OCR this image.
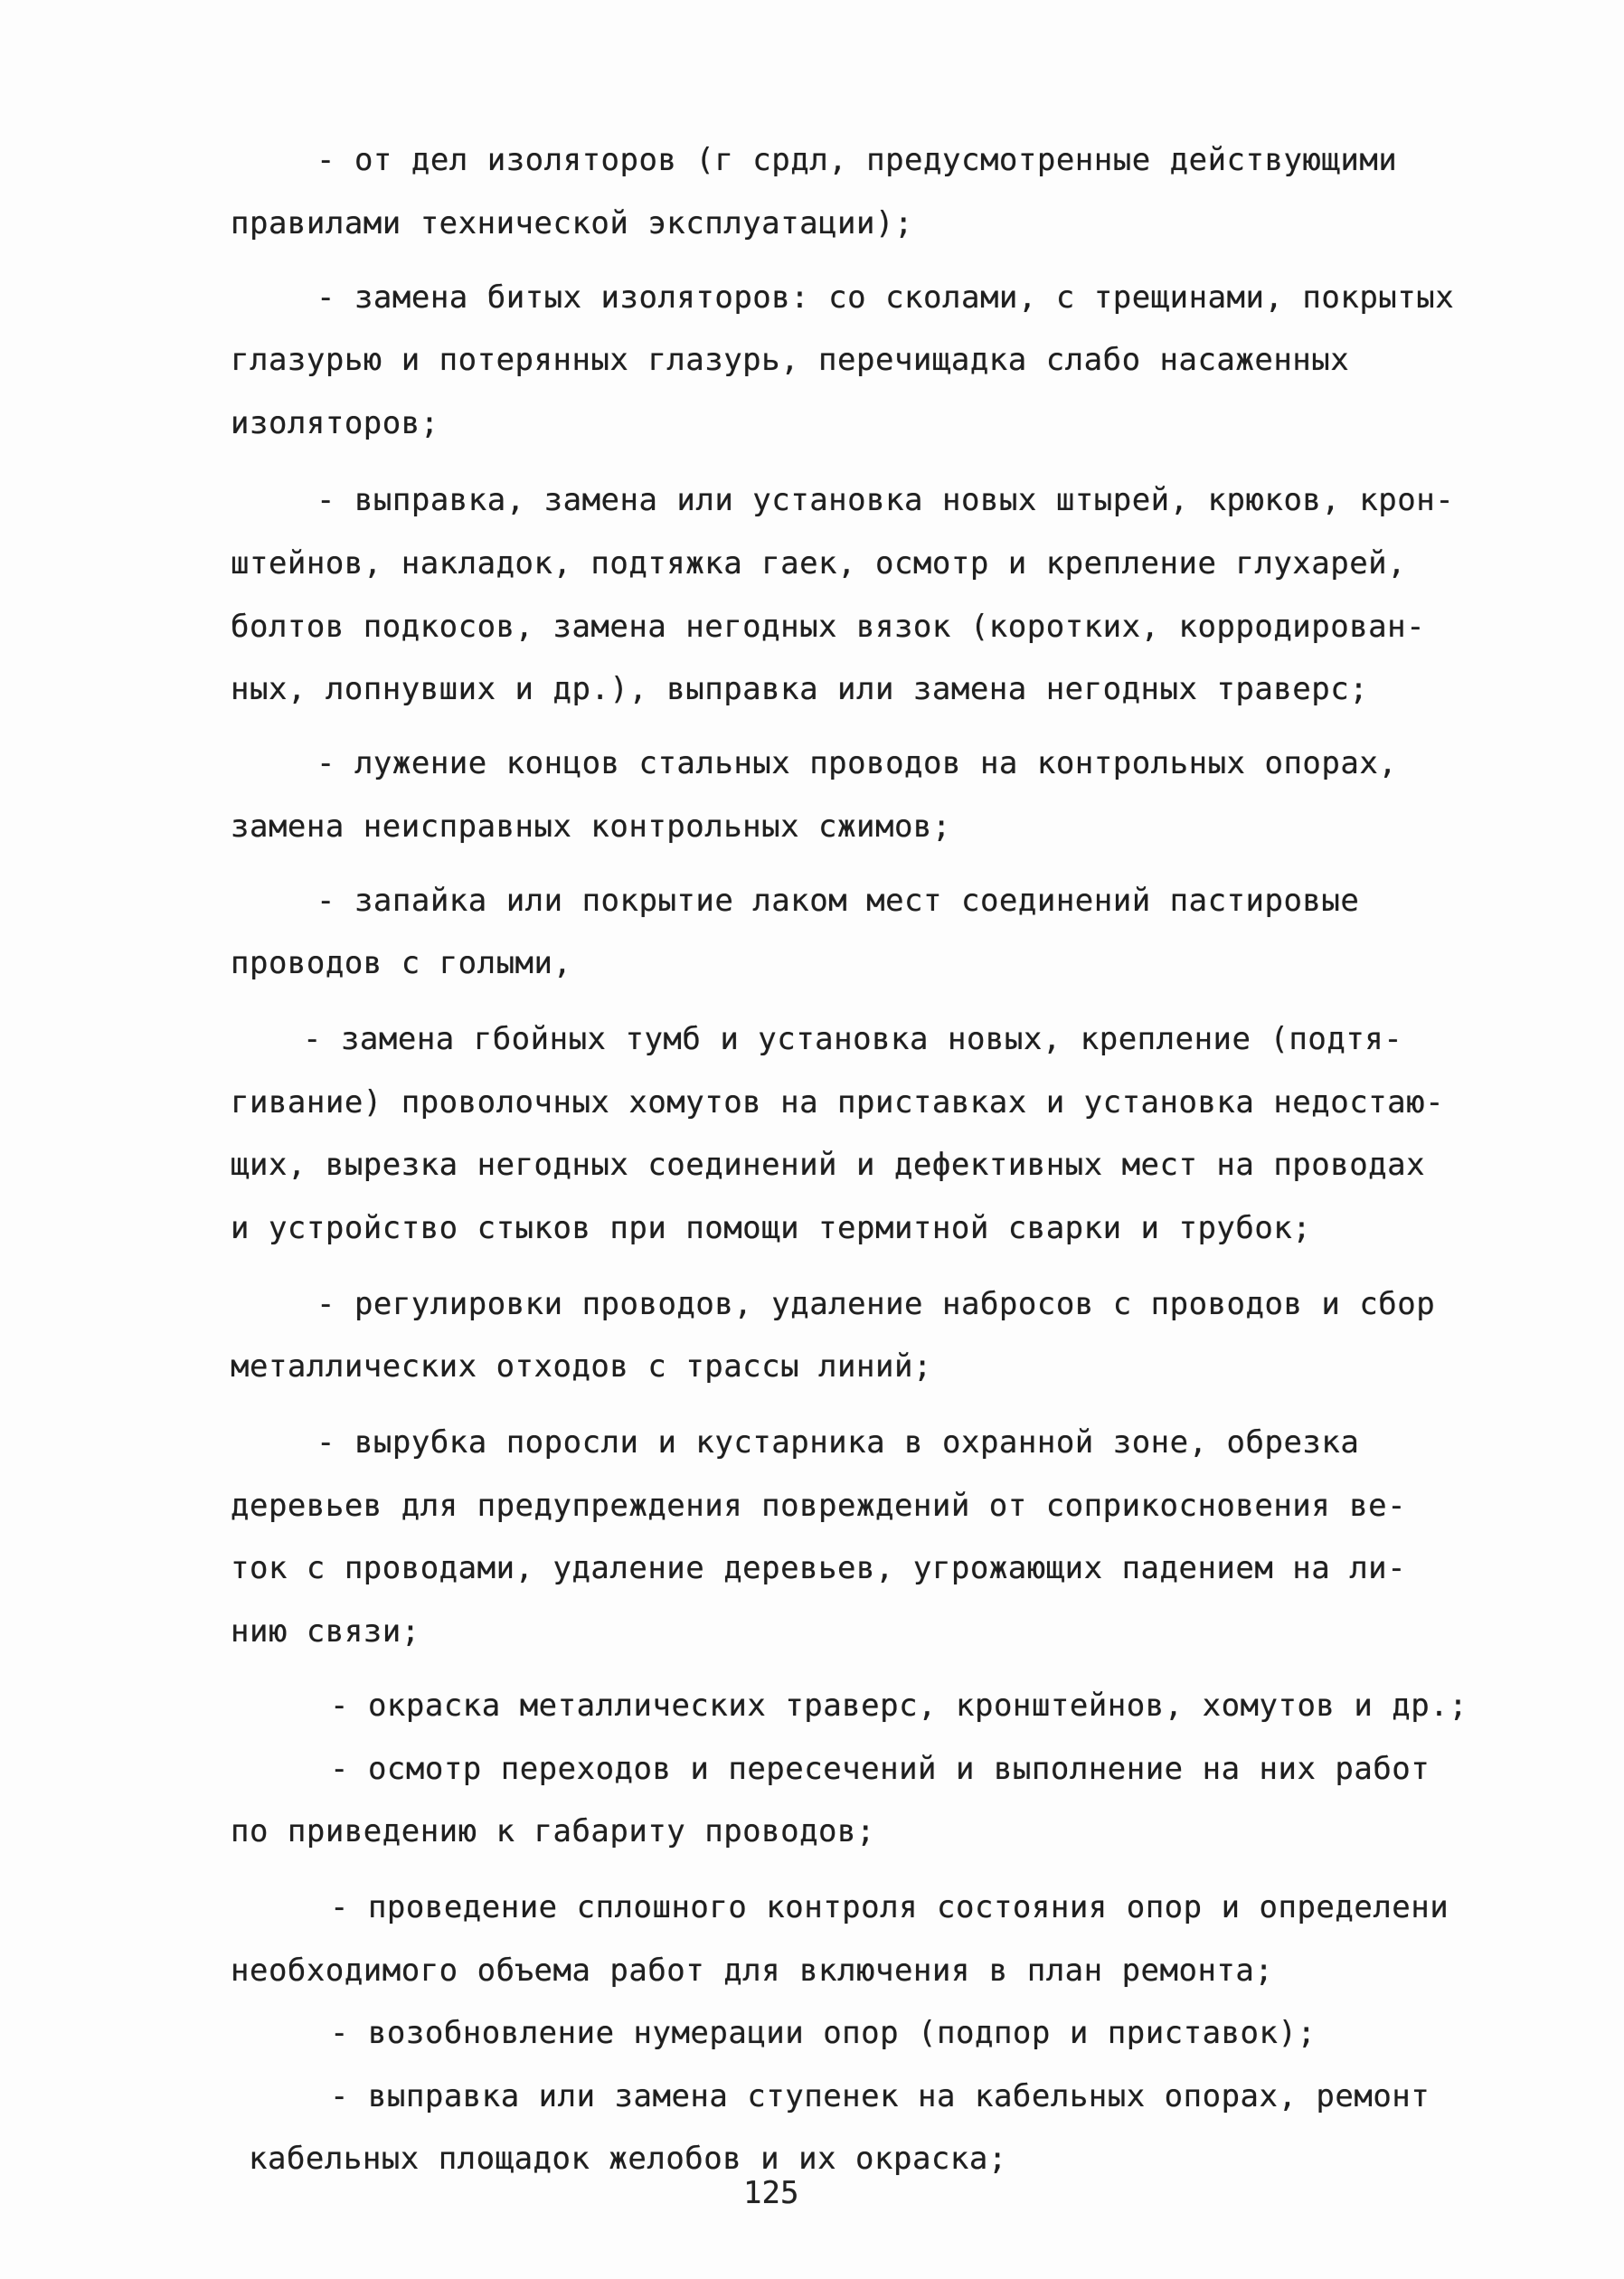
- от дел изоляторов (г срдл, предусмотренные действующими
правилами технической эксплуатации);
- замена битых изоляторов: со сколами, с трещинами, покрытых
глазурью и потерянных глазурь, перечищадка слабо насаженных
изоляторов;
- выправка, замена или установка новых штырей, крюков, крон-
штейнов, накладок, подтяжка гаек, осмотр и крепление глухарей,
болтов подкосов, замена негодных вязок (коротких, корродирован-
ных, лопнувших и др.), выправка или замена негодных траверс;
- лужение концов стальных проводов на контрольных опорах,
замена неисправных контрольных сжимов;
- запайка или покрытие лаком мест соединений пастировые
проводов с голыми,
- замена гбойных тумб и установка новых, крепление (подтя-
гивание) проволочных хомутов на приставках и установка недостаю-
щих, вырезка негодных соединений и дефективных мест на проводах
и устройство стыков при помощи термитной сварки и трубок;
- регулировки проводов, удаление набросов с проводов и сбор
металлических отходов с трассы линий;
- вырубка поросли и кустарника в охранной зоне, обрезка
деревьев для предупреждения повреждений от соприкосновения ве-
ток с проводами, удаление деревьев, угрожающих падением на ли-
нию связи;
- окраска металлических траверс, кронштейнов, хомутов и др.;
- осмотр переходов и пересечений и выполнение на них работ
по приведению к габариту проводов;
- проведение сплошного контроля состояния опор и определени
необходимого объема работ для включения в план ремонта;
- возобновление нумерации опор (подпор и приставок);
- выправка или замена ступенек на кабельных опорах, ремонт
кабельных площадок желобов и их окраска;
125
